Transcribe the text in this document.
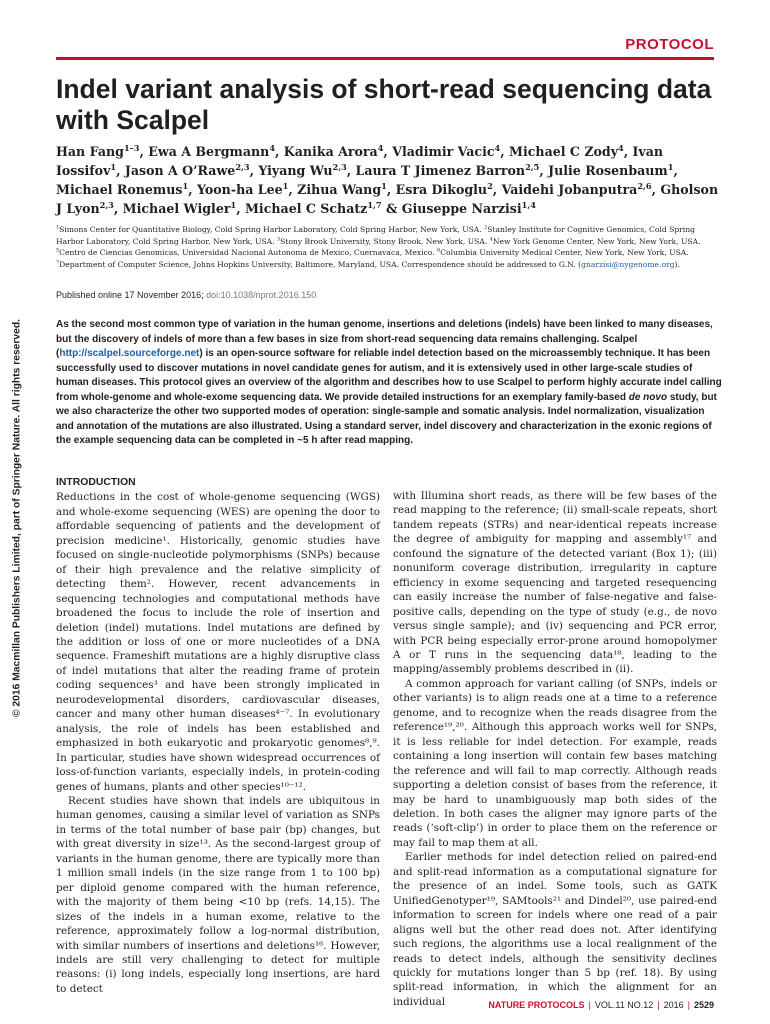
PROTOCOL
Indel variant analysis of short-read sequencing data with Scalpel
Han Fang$^{1-3}$, Ewa A Bergmann$^4$, Kanika Arora$^4$, Vladimir Vacic$^4$, Michael C Zody$^4$, Ivan Iossifov$^1$, Jason A O’Rawe$^{2,3}$, Yiyang Wu$^{2,3}$, Laura T Jimenez Barron$^{2,5}$, Julie Rosenbaum$^1$, Michael Ronemus$^1$, Yoon-ha Lee$^1$, Zihua Wang$^1$, Esra Dikoglu$^2$, Vaidehi Jobanputra$^{2,6}$, Gholson J Lyon$^{2,3}$, Michael Wigler$^1$, Michael C Schatz$^{1,7}$ & Giuseppe Narzisi$^{1,4}$
$^1$Simons Center for Quantitative Biology, Cold Spring Harbor Laboratory, Cold Spring Harbor, New York, USA. $^2$Stanley Institute for Cognitive Genomics, Cold Spring Harbor Laboratory, Cold Spring Harbor, New York, USA. $^3$Stony Brook University, Stony Brook, New York, USA. $^4$New York Genome Center, New York, New York, USA. $^5$Centro de Ciencias Genomicas, Universidad Nacional Autonoma de Mexico, Cuernavaca, Mexico. $^6$Columbia University Medical Center, New York, New York, USA. $^7$Department of Computer Science, Johns Hopkins University, Baltimore, Maryland, USA. Correspondence should be addressed to G.N. (gnarzisi@nygenome.org).
© 2016 Macmillan Publishers Limited, part of Springer Nature. All rights reserved.
Published online 17 November 2016; doi:10.1038/nprot.2016.150
As the second most common type of variation in the human genome, insertions and deletions (indels) have been linked to many diseases, but the discovery of indels of more than a few bases in size from short-read sequencing data remains challenging. Scalpel (http://scalpel.sourceforge.net) is an open-source software for reliable indel detection based on the microassembly technique. It has been successfully used to discover mutations in novel candidate genes for autism, and it is extensively used in other large-scale studies of human diseases. This protocol gives an overview of the algorithm and describes how to use Scalpel to perform highly accurate indel calling from whole-genome and whole-exome sequencing data. We provide detailed instructions for an exemplary family-based de novo study, but we also characterize the other two supported modes of operation: single-sample and somatic analysis. Indel normalization, visualization and annotation of the mutations are also illustrated. Using a standard server, indel discovery and characterization in the exonic regions of the example sequencing data can be completed in ~5 h after read mapping.

INTRODUCTION

Reductions in the cost of whole-genome sequencing (WGS) and whole-exome sequencing (WES) are opening the door to affordable sequencing of patients and the development of precision medicine¹. Historically, genomic studies have focused on single-nucleotide polymorphisms (SNPs) because of their high prevalence and the relative simplicity of detecting them². However, recent advancements in sequencing technologies and computational methods have broadened the focus to include the role of insertion and deletion (indel) mutations. Indel mutations are defined by the addition or loss of one or more nucleotides of a DNA sequence. Frameshift mutations are a highly disruptive class of indel mutations that alter the reading frame of protein coding sequences³ and have been strongly implicated in neurodevelopmental disorders, cardiovascular diseases, cancer and many other human diseases⁴⁻⁷. In evolutionary analysis, the role of indels has been established and emphasized in both eukaryotic and prokaryotic genomes⁸,⁹. In particular, studies have shown widespread occurrences of loss-of-function variants, especially indels, in protein-coding genes of humans, plants and other species¹⁰⁻¹².

Recent studies have shown that indels are ubiquitous in human genomes, causing a similar level of variation as SNPs in terms of the total number of base pair (bp) changes, but with great diversity in size¹³. As the second-largest group of variants in the human genome, there are typically more than 1 million small indels (in the size range from 1 to 100 bp) per diploid genome compared with the human reference, with the majority of them being <10 bp (refs. 14,15). The sizes of the indels in a human exome, relative to the reference, approximately follow a log-normal distribution, with similar numbers of insertions and deletions¹⁶. However, indels are still very challenging to detect for multiple reasons: (i) long indels, especially long insertions, are hard to detect

with Illumina short reads, as there will be few bases of the read mapping to the reference; (ii) small-scale repeats, short tandem repeats (STRs) and near-identical repeats increase the degree of ambiguity for mapping and assembly¹⁷ and confound the signature of the detected variant (Box 1); (iii) nonuniform coverage distribution, irregularity in capture efficiency in exome sequencing and targeted resequencing can easily increase the number of false-negative and false-positive calls, depending on the type of study (e.g., de novo versus single sample); and (iv) sequencing and PCR error, with PCR being especially error-prone around homopolymer A or T runs in the sequencing data¹⁸, leading to the mapping/assembly problems described in (ii).

A common approach for variant calling (of SNPs, indels or other variants) is to align reads one at a time to a reference genome, and to recognize when the reads disagree from the reference¹⁹,²⁰. Although this approach works well for SNPs, it is less reliable for indel detection. For example, reads containing a long insertion will contain few bases matching the reference and will fail to map correctly. Although reads supporting a deletion consist of bases from the reference, it may be hard to unambiguously map both sides of the deletion. In both cases the aligner may ignore parts of the reads (‘soft-clip’) in order to place them on the reference or may fail to map them at all.

Earlier methods for indel detection relied on paired-end and split-read information as a computational signature for the presence of an indel. Some tools, such as GATK UnifiedGenotyper¹⁹, SAMtools²¹ and Dindel²⁰, use paired-end information to screen for indels where one read of a pair aligns well but the other read does not. After identifying such regions, the algorithms use a local realignment of the reads to detect indels, although the sensitivity declines quickly for mutations longer than 5 bp (ref. 18). By using split-read information, in which the alignment for an individual	NATURE PROTOCOLS | VOL.11 NO.12 | 2016 | 2529
